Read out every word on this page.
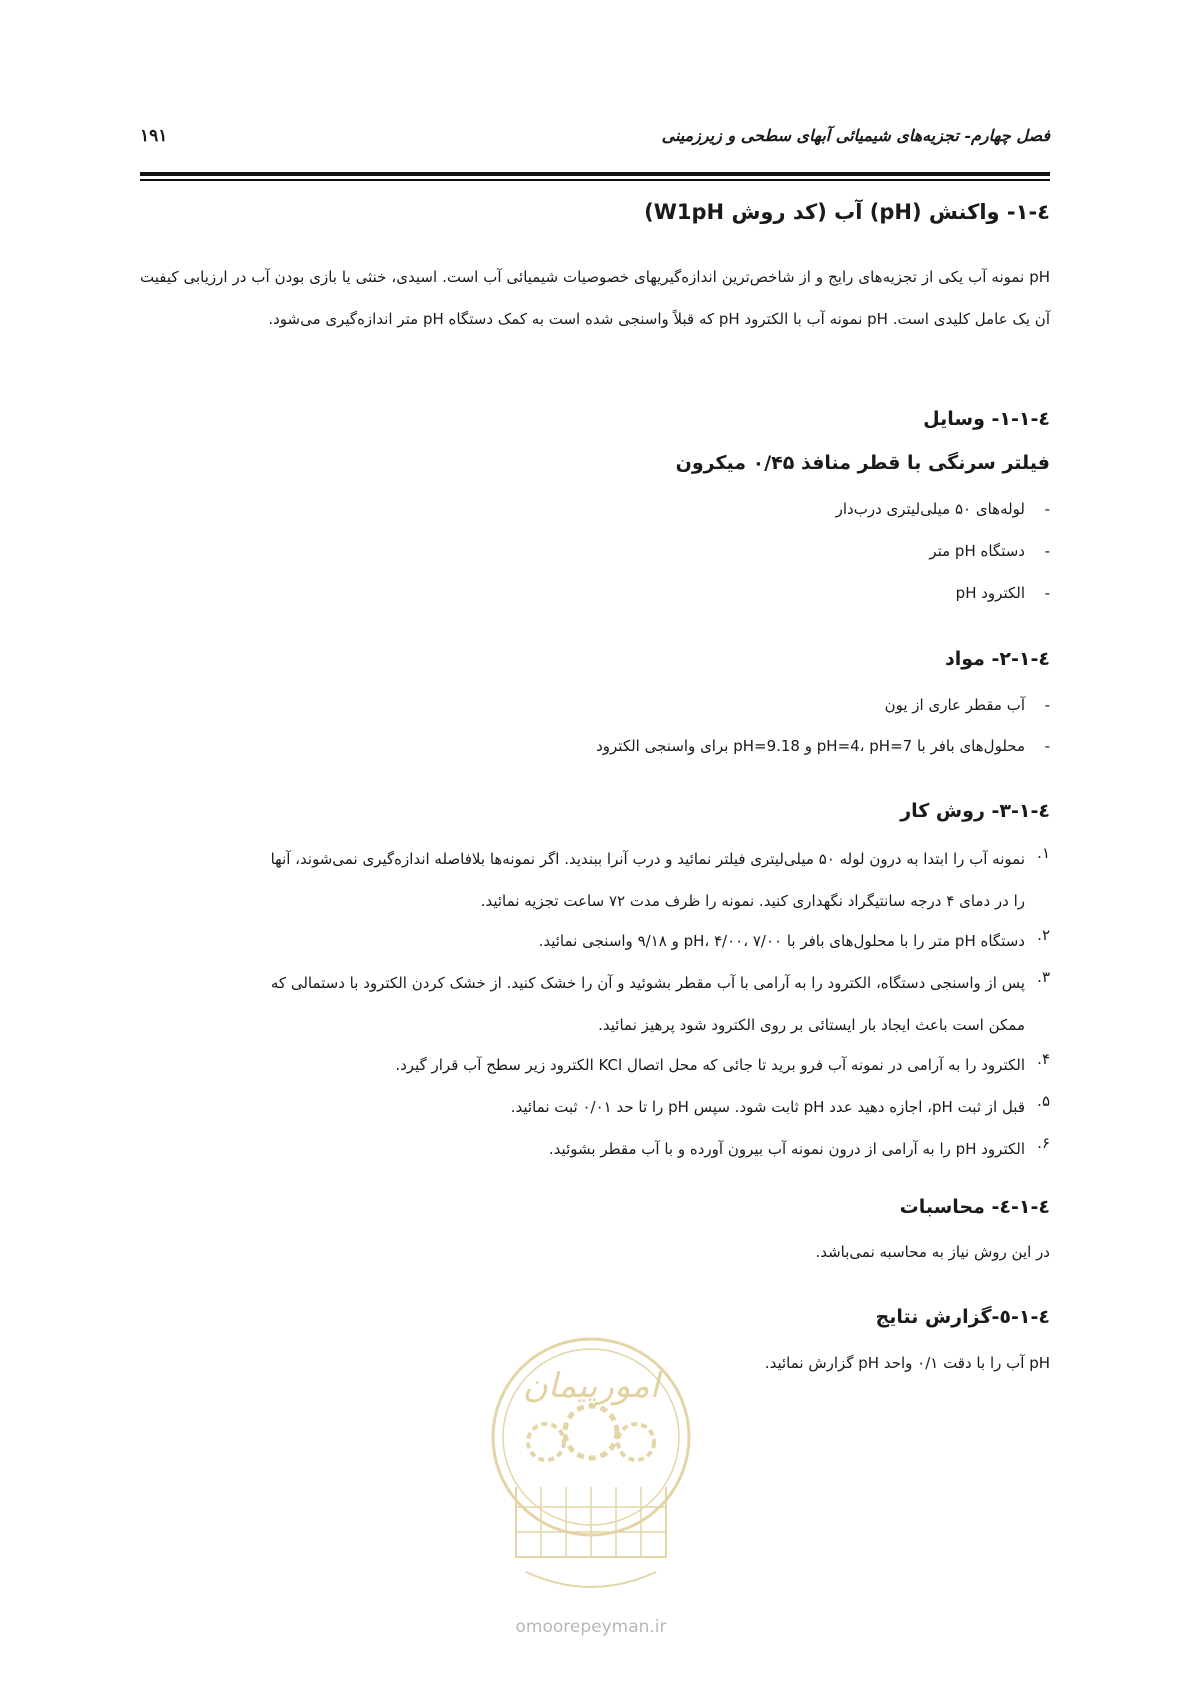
فصل چهارم- تجزیه‌های شیمیائی آبهای سطحی و زیرزمینی
۱۹۱
٤-١- واکنش (pH) آب (کد روش W1pH)
pH نمونه آب یکی از تجزیه‌های رایج و از شاخص‌ترین اندازه‌گیریهای خصوصیات شیمیائی آب است. اسیدی، خنثی یا بازی بودن آب در ارزیابی کیفیت آن یک عامل کلیدی است. pH نمونه آب با الکترود pH که قبلاً واسنجی شده است به کمک دستگاه pH متر اندازه‌گیری می‌شود.
٤-١-١- وسایل
فیلتر سرنگی با قطر منافذ ۰/۴۵ میکرون
-
لوله‌های ۵۰ میلی‌لیتری درب‌دار
-
دستگاه pH متر
-
الکترود pH
٤-١-٢- مواد
-
آب مقطر عاری از یون
-
محلول‌های بافر با pH=4، pH=7 و pH=9.18 برای واسنجی الکترود
٤-١-٣- روش کار
۱.
نمونه آب را ابتدا به درون لوله ۵۰ میلی‌لیتری فیلتر نمائید و درب آنرا ببندید. اگر نمونه‌ها بلافاصله اندازه‌گیری نمی‌شوند، آنها
را در دمای ۴ درجه سانتیگراد نگهداری کنید. نمونه را ظرف مدت ۷۲ ساعت تجزیه نمائید.
۲.
دستگاه pH متر را با محلول‌های بافر با pH، ۴/۰۰، ۷/۰۰ و ۹/۱۸ واسنجی نمائید.
۳.
پس از واسنجی دستگاه، الکترود را به آرامی با آب مقطر بشوئید و آن را خشک کنید. از خشک کردن الکترود با دستمالی که
ممکن است باعث ایجاد بار ایستائی بر روی الکترود شود پرهیز نمائید.
۴.
الکترود را به آرامی در نمونه آب فرو برید تا جائی که محل اتصال KCl الکترود زیر سطح آب قرار گیرد.
۵.
قبل از ثبت pH، اجازه دهید عدد pH ثابت شود. سپس pH را تا حد ۰/۰۱ ثبت نمائید.
۶.
الکترود pH را به آرامی از درون نمونه آب بیرون آورده و با آب مقطر بشوئید.
٤-١-٤- محاسبات
در این روش نیاز به محاسبه نمی‌باشد.
٤-١-٥-گزارش نتایج
pH آب را با دقت ۰/۱ واحد pH گزارش نمائید.
امورپیمان
omoorepeyman.ir
